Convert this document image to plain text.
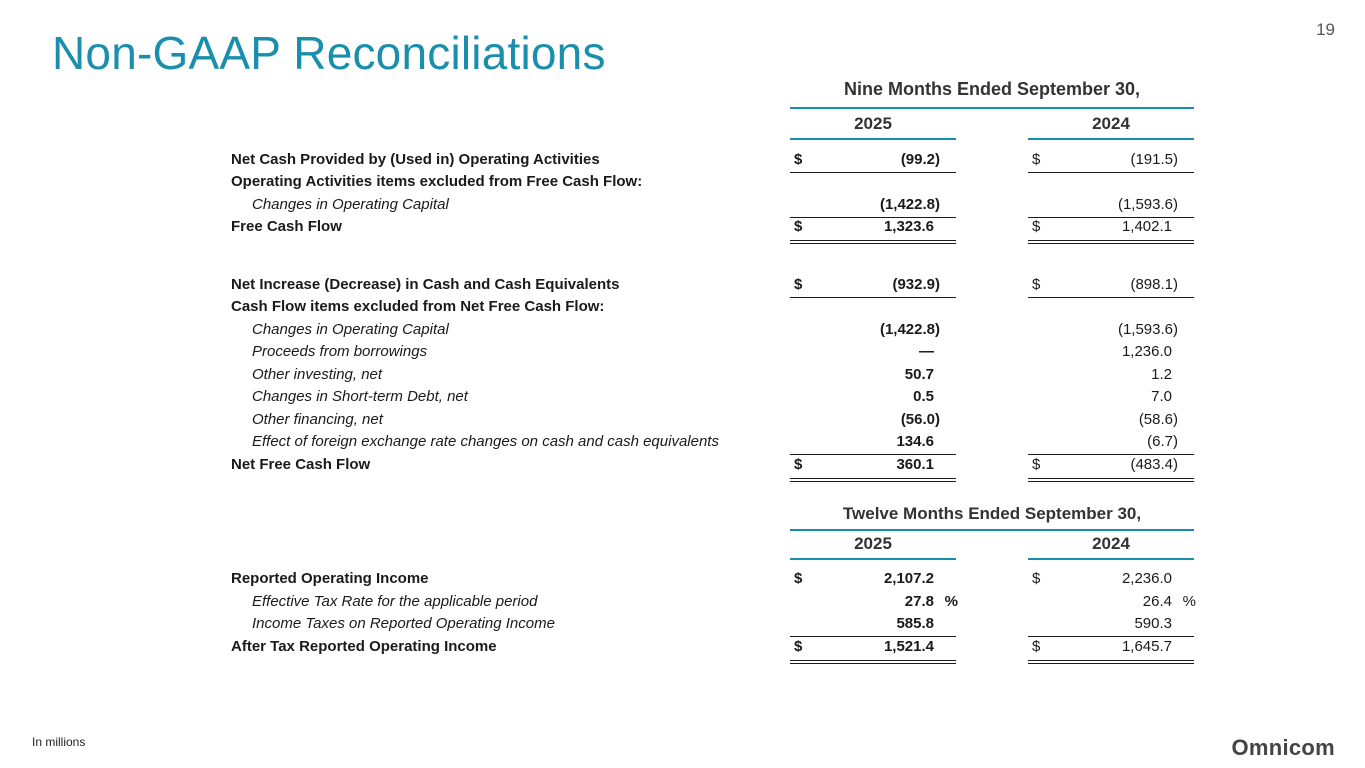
Non-GAAP Reconciliations	19
Nine Months Ended September 30,
2025	2024
Net Cash Provided by (Used in) Operating Activities	$	(99.2)	$	(191.5)
Operating Activities items excluded from Free Cash Flow:
Changes in Operating Capital	(1,422.8)	(1,593.6)
Free Cash Flow	$	1,323.6	$	1,402.1
Net Increase (Decrease) in Cash and Cash Equivalents	$	(932.9)	$	(898.1)
Cash Flow items excluded from Net Free Cash Flow:
Changes in Operating Capital	(1,422.8)	(1,593.6)
Proceeds from borrowings	—	1,236.0
Other investing, net	50.7	1.2
Changes in Short-term Debt, net	0.5	7.0
Other financing, net	(56.0)	(58.6)
Effect of foreign exchange rate changes on cash and cash equivalents	134.6	(6.7)
Net Free Cash Flow	$	360.1	$	(483.4)
Twelve Months Ended September 30,
2025	2024
Reported Operating Income	$	2,107.2	$	2,236.0
Effective Tax Rate for the applicable period	27.8 %	26.4 %
Income Taxes on Reported Operating Income	585.8	590.3
After Tax Reported Operating Income	$	1,521.4	$	1,645.7
In millions	Omnicom
